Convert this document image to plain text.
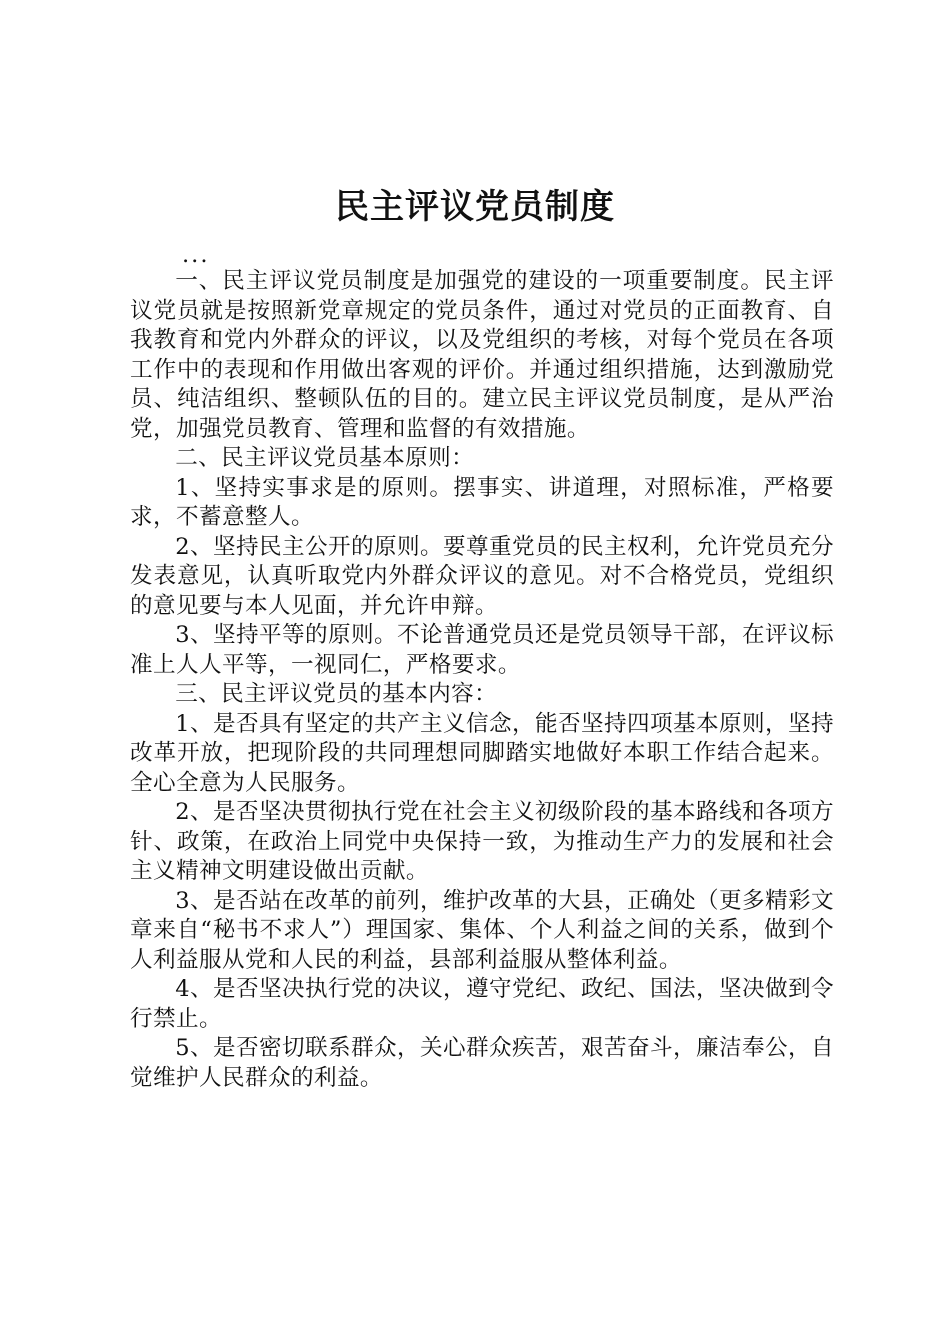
民主评议党员制度

...

一、民主评议党员制度是加强党的建设的一项重要制度。民主评议党员就是按照新党章规定的党员条件，通过对党员的正面教育、自我教育和党内外群众的评议，以及党组织的考核，对每个党员在各项工作中的表现和作用做出客观的评价。并通过组织措施，达到激励党员、纯洁组织、整顿队伍的目的。建立民主评议党员制度，是从严治党，加强党员教育、管理和监督的有效措施。

二、民主评议党员基本原则：

1、坚持实事求是的原则。摆事实、讲道理，对照标准，严格要求，不蓄意整人。

2、坚持民主公开的原则。要尊重党员的民主权利，允许党员充分发表意见，认真听取党内外群众评议的意见。对不合格党员，党组织的意见要与本人见面，并允许申辩。

3、坚持平等的原则。不论普通党员还是党员领导干部，在评议标准上人人平等，一视同仁，严格要求。

三、民主评议党员的基本内容：

1、是否具有坚定的共产主义信念，能否坚持四项基本原则，坚持改革开放，把现阶段的共同理想同脚踏实地做好本职工作结合起来。全心全意为人民服务。

2、是否坚决贯彻执行党在社会主义初级阶段的基本路线和各项方针、政策，在政治上同党中央保持一致，为推动生产力的发展和社会主义精神文明建设做出贡献。

3、是否站在改革的前列，维护改革的大县，正确处（更多精彩文章来自“秘书不求人”）理国家、集体、个人利益之间的关系，做到个人利益服从党和人民的利益，县部利益服从整体利益。

4、是否坚决执行党的决议，遵守党纪、政纪、国法，坚决做到令行禁止。

5、是否密切联系群众，关心群众疾苦，艰苦奋斗，廉洁奉公，自觉维护人民群众的利益。
